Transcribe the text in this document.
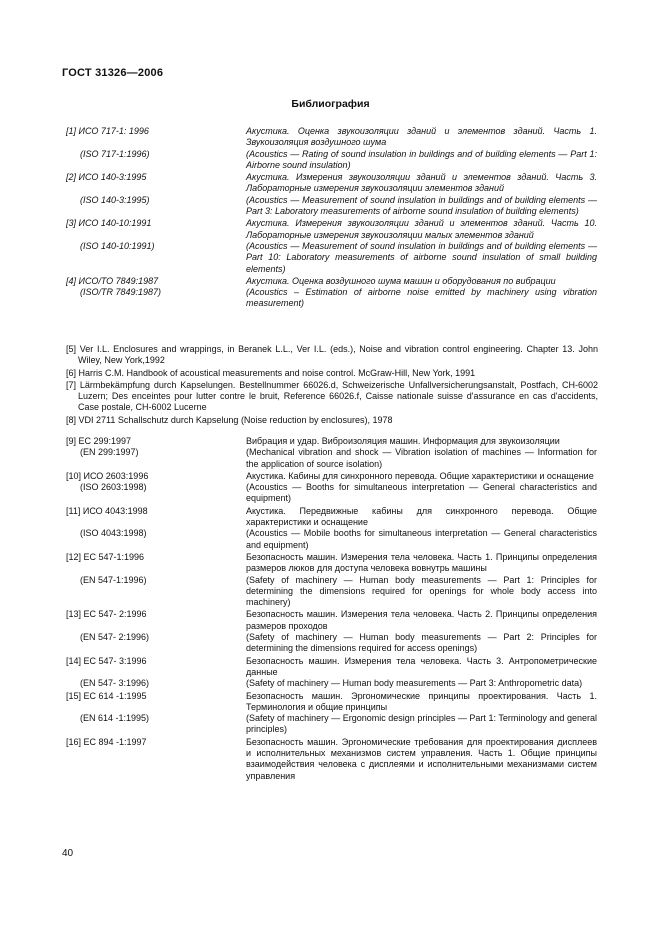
ГОСТ 31326—2006
Библиография
[1] ИСО 717-1: 1996	Акустика. Оценка звукоизоляции зданий и элементов зданий. Часть 1. Звукоизоляция воздушного шума
(ISO 717-1:1996)	(Acoustics — Rating of sound insulation in buildings and of building elements — Part 1: Airborne sound insulation)
[2] ИСО 140-3:1995	Акустика. Измерения звукоизоляции зданий и элементов зданий. Часть 3. Лабораторные измерения звукоизоляции элементов зданий
(ISO 140-3:1995)	(Acoustics — Measurement of sound insulation in buildings and of building elements — Part 3: Laboratory measurements of airborne sound insulation of building elements)
[3] ИСО 140-10:1991	Акустика. Измерения звукоизоляции зданий и элементов зданий. Часть 10. Лабораторные измерения звукоизоляции малых элементов зданий
(ISO 140-10:1991)	(Acoustics — Measurement of sound insulation in buildings and of building elements — Part 10: Laboratory measurements of airborne sound insulation of small building elements)
[4] ИСО/ТО 7849:1987	Акустика. Оценка воздушного шума машин и оборудования по вибрации
(ISO/TR 7849:1987)	(Acoustics – Estimation of airborne noise emitted by machinery using vibration measurement)
[5] Ver I.L. Enclosures and wrappings, in Beranek L.L., Ver I.L. (eds.), Noise and vibration control engineering. Chapter 13. John Wiley, New York,1992
[6] Harris C.M. Handbook of acoustical measurements and noise control. McGraw-Hill, New York, 1991
[7] Lärmbekämpfung durch Kapselungen. Bestellnummer 66026.d, Schweizerische Unfallversicherungsanstalt, Postfach, CH-6002 Luzern; Des enceintes pour lutter contre le bruit, Reference 66026.f, Caisse nationale suisse d'assurance en cas d'accidents, Case postale, CH-6002 Lucerne
[8] VDI 2711 Schallschutz durch Kapselung (Noise reduction by enclosures), 1978
[9] ЕС 299:1997	Вибрация и удар. Виброизоляция машин. Информация для звукоизоляции
(EN 299:1997)	(Mechanical vibration and shock — Vibration isolation of machines — Information for the application of source isolation)
[10] ИСО 2603:1996	Акустика. Кабины для синхронного перевода. Общие характеристики и оснащение
(ISO 2603:1998)	(Acoustics — Booths for simultaneous interpretation — General characteristics and equipment)
[11] ИСО 4043:1998	Акустика. Передвижные кабины для синхронного перевода. Общие характеристики и оснащение
(ISO 4043:1998)	(Acoustics — Mobile booths for simultaneous interpretation — General characteristics and equipment)
[12] ЕС 547-1:1996	Безопасность машин. Измерения тела человека. Часть 1. Принципы определения размеров люков для доступа человека вовнутрь машины
(EN 547-1:1996)	(Safety of machinery — Human body measurements — Part 1: Principles for determining the dimensions required for openings for whole body access into machinery)
[13] ЕС 547- 2:1996	Безопасность машин. Измерения тела человека. Часть 2. Принципы определения размеров проходов
(EN 547- 2:1996)	(Safety of machinery — Human body measurements — Part 2: Principles for determining the dimensions required for access openings)
[14] ЕС 547- 3:1996	Безопасность машин. Измерения тела человека. Часть 3. Антропометрические данные
(EN 547- 3:1996)	(Safety of machinery — Human body measurements — Part 3: Anthropometric data)
[15] ЕС 614 -1:1995	Безопасность машин. Эргономические принципы проектирования. Часть 1. Терминология и общие принципы
(EN 614 -1:1995)	(Safety of machinery — Ergonomic design principles — Part 1: Terminology and general principles)
[16] ЕС 894 -1:1997	Безопасность машин. Эргономические требования для проектирования дисплеев и исполнительных механизмов систем управления. Часть 1. Общие принципы взаимодействия человека с дисплеями и исполнительными механизмами систем управления
40
